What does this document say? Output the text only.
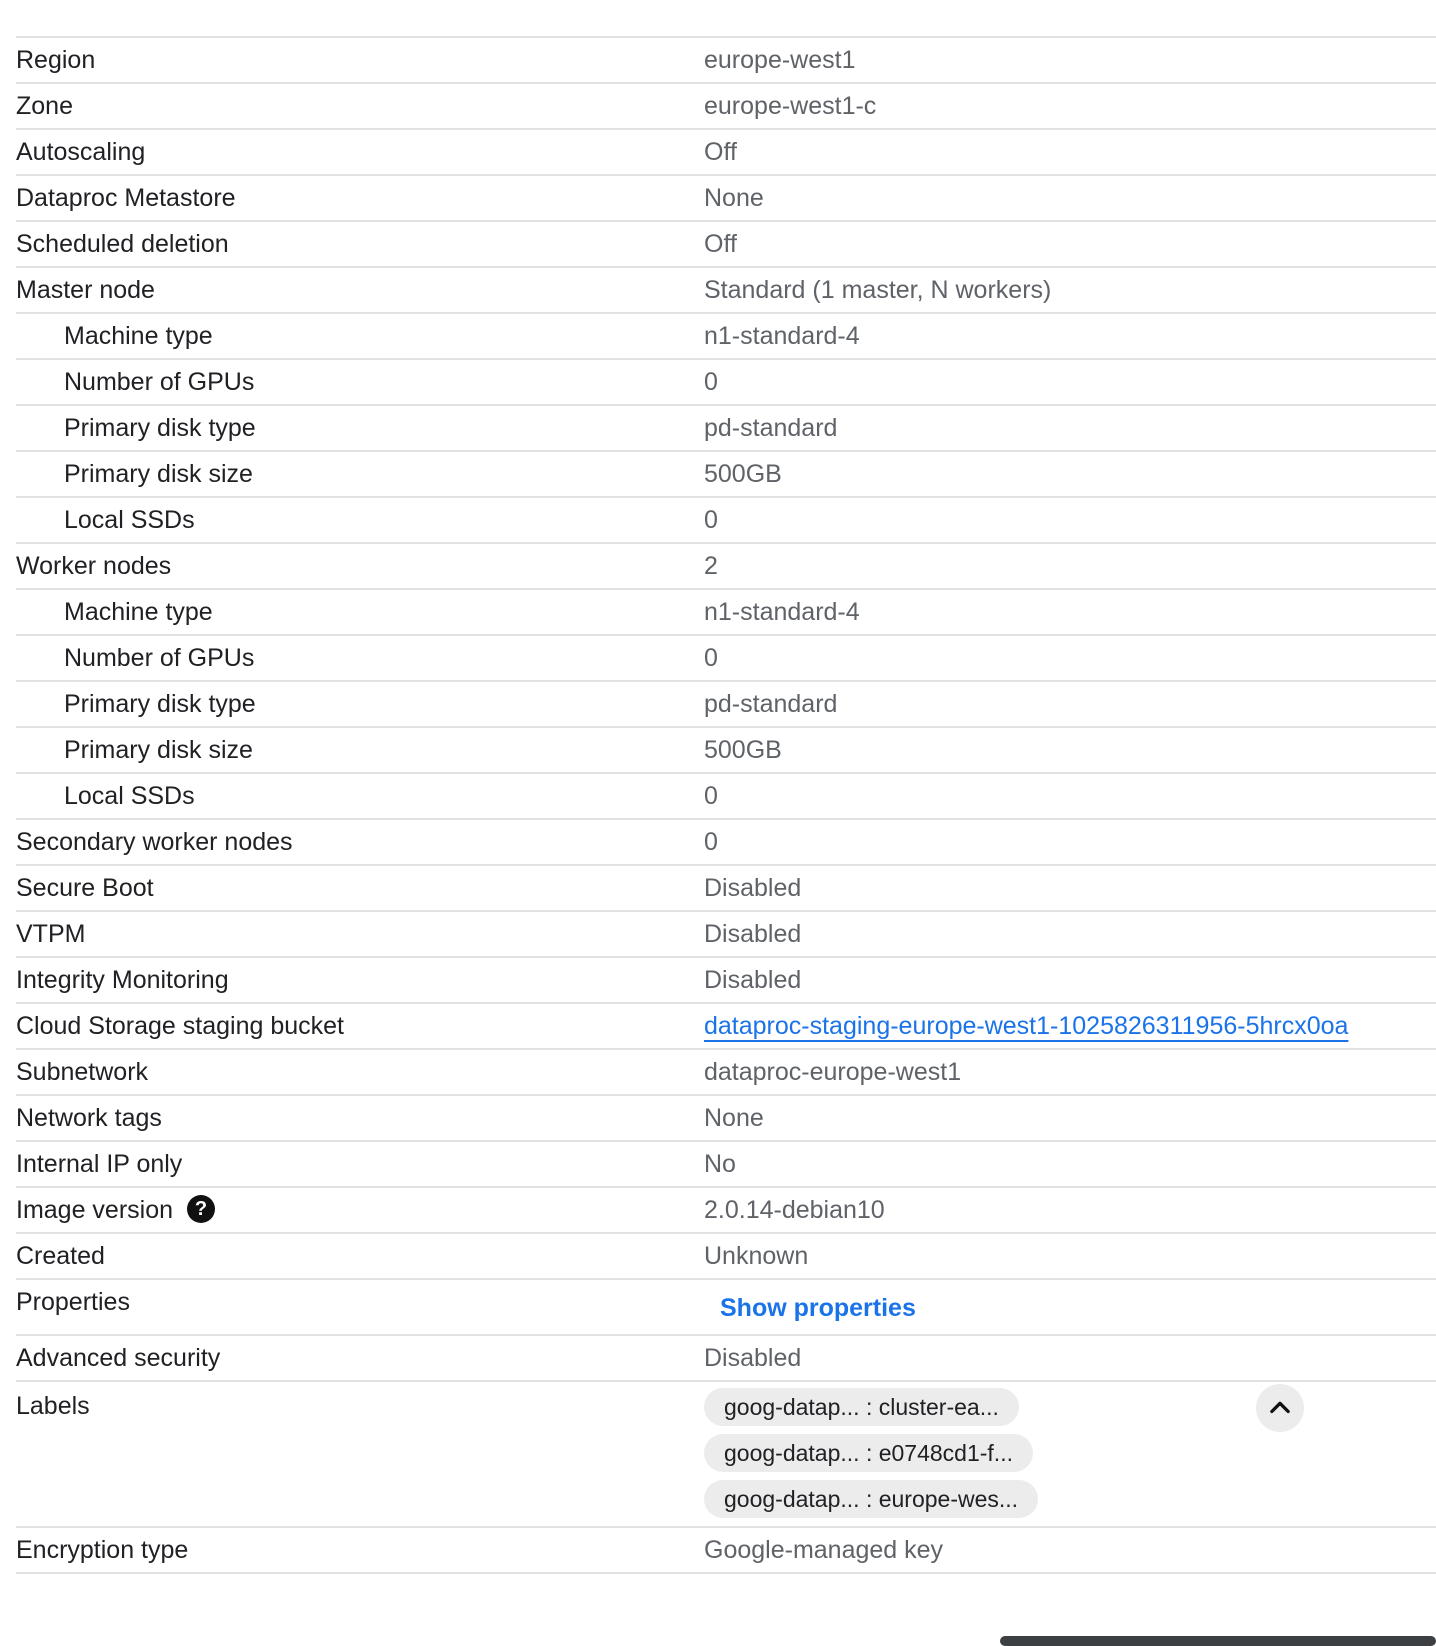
Region	europe-west1
Zone	europe-west1-c
Autoscaling	Off
Dataproc Metastore	None
Scheduled deletion	Off
Master node	Standard (1 master, N workers)
Machine type	n1-standard-4
Number of GPUs	0
Primary disk type	pd-standard
Primary disk size	500GB
Local SSDs	0
Worker nodes	2
Machine type	n1-standard-4
Number of GPUs	0
Primary disk type	pd-standard
Primary disk size	500GB
Local SSDs	0
Secondary worker nodes	0
Secure Boot	Disabled
VTPM	Disabled
Integrity Monitoring	Disabled
Cloud Storage staging bucket	dataproc-staging-europe-west1-1025826311956-5hrcx0oa
Subnetwork	dataproc-europe-west1
Network tags	None
Internal IP only	No
Image version ?	2.0.14-debian10
Created	Unknown
Properties	Show properties
Advanced security	Disabled
Labels	goog-datap... : cluster-ea...
goog-datap... : e0748cd1-f...
goog-datap... : europe-wes...
Encryption type	Google-managed key
